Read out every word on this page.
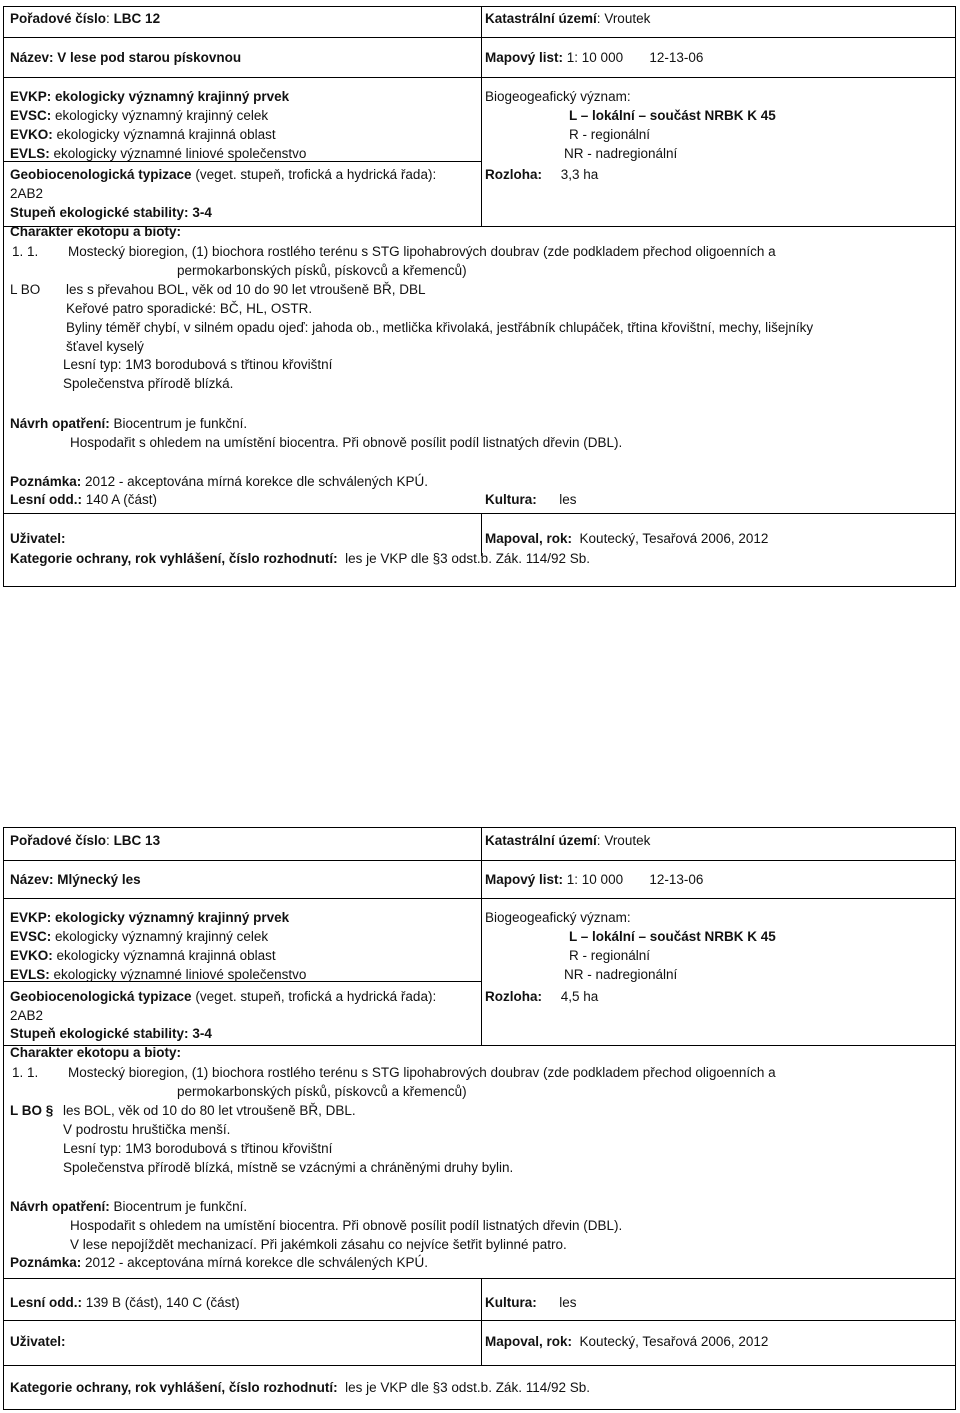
Pořadové číslo: LBC 12	Katastrální území: Vroutek
Název: V lese pod starou pískovnou	Mapový list: 1: 10 000 12-13-06
EVKP: ekologicky významný krajinný prvek
EVSC: ekologicky významný krajinný celek
EVKO: ekologicky významná krajinná oblast
EVLS: ekologicky významné liniové společenstvo
Biogeogeafický význam:
L – lokální – součást NRBK K 45
R - regionální
NR - nadregionální
Geobiocenologická typizace (veget. stupeň, trofická a hydrická řada):
2AB2
Stupeň ekologické stability: 3-4
Rozloha: 3,3 ha
Charakter ekotopu a bioty:
1. 1. Mostecký bioregion, (1) biochora rostlého terénu s STG lipohabrových doubrav (zde podkladem přechod oligoenních a
permokarbonských písků, pískovců a křemenců)
L BO les s převahou BOL, věk od 10 do 90 let vtroušeně BŘ, DBL
Keřové patro sporadické: BČ, HL, OSTR.
Byliny téměř chybí, v silném opadu ojeď: jahoda ob., metlička křivolaká, jestřábník chlupáček, třtina křovištní, mechy, lišejníky
šťavel kyselý
Lesní typ: 1M3 borodubová s třtinou křovištní
Společenstva přírodě blízká.
Návrh opatření: Biocentrum je funkční.
Hospodařit s ohledem na umístění biocentra. Při obnově posílit podíl listnatých dřevin (DBL).
Poznámka: 2012 - akceptována mírná korekce dle schválených KPÚ.
Lesní odd.: 140 A (část)	Kultura: les
Uživatel:	Mapoval, rok: Koutecký, Tesařová 2006, 2012
Kategorie ochrany, rok vyhlášení, číslo rozhodnutí: les je VKP dle §3 odst.b. Zák. 114/92 Sb.
Pořadové číslo: LBC 13	Katastrální území: Vroutek
Název: Mlýnecký les	Mapový list: 1: 10 000 12-13-06
EVKP: ekologicky významný krajinný prvek
EVSC: ekologicky významný krajinný celek
EVKO: ekologicky významná krajinná oblast
EVLS: ekologicky významné liniové společenstvo
Biogeogeafický význam:
L – lokální – součást NRBK K 45
R - regionální
NR - nadregionální
Geobiocenologická typizace (veget. stupeň, trofická a hydrická řada):
2AB2
Stupeň ekologické stability: 3-4
Rozloha: 4,5 ha
Charakter ekotopu a bioty:
1. 1. Mostecký bioregion, (1) biochora rostlého terénu s STG lipohabrových doubrav (zde podkladem přechod oligoenních a
permokarbonských písků, pískovců a křemenců)
L BO § les BOL, věk od 10 do 80 let vtroušeně BŘ, DBL.
V podrostu hruštička menší.
Lesní typ: 1M3 borodubová s třtinou křovištní
Společenstva přírodě blízká, místně se vzácnými a chráněnými druhy bylin.
Návrh opatření: Biocentrum je funkční.
Hospodařit s ohledem na umístění biocentra. Při obnově posílit podíl listnatých dřevin (DBL).
V lese nepojíždět mechanizací. Při jakémkoli zásahu co nejvíce šetřit bylinné patro.
Poznámka: 2012 - akceptována mírná korekce dle schválených KPÚ.
Lesní odd.: 139 B (část), 140 C (část)	Kultura: les
Uživatel:	Mapoval, rok: Koutecký, Tesařová 2006, 2012
Kategorie ochrany, rok vyhlášení, číslo rozhodnutí: les je VKP dle §3 odst.b. Zák. 114/92 Sb.
